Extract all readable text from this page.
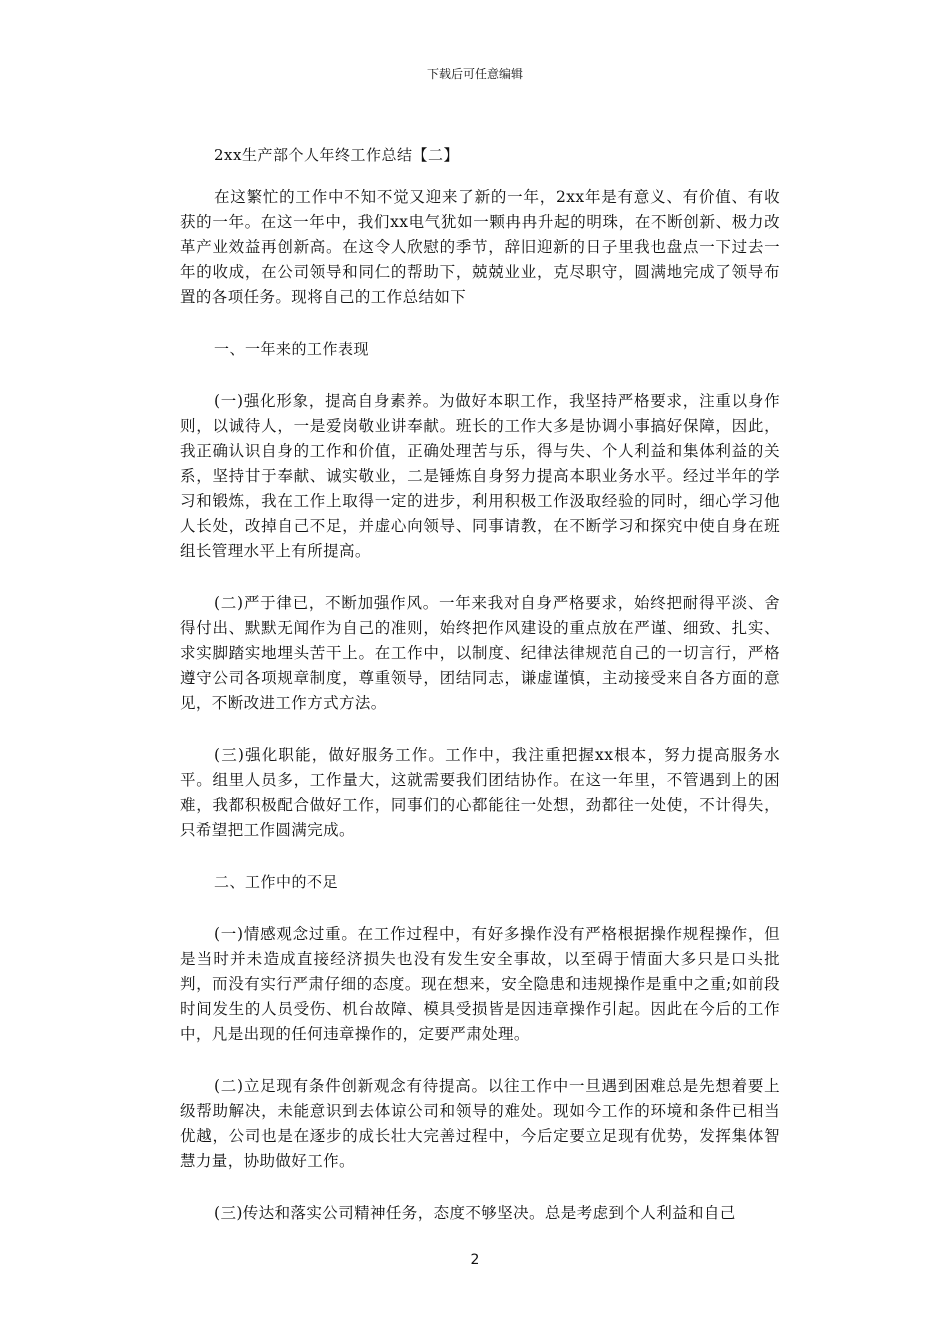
下载后可任意编辑

2xx生产部个人年终工作总结【二】

在这繁忙的工作中不知不觉又迎来了新的一年，2xx年是有意义、有价值、有收获的一年。在这一年中，我们xx电气犹如一颗冉冉升起的明珠，在不断创新、极力改革产业效益再创新高。在这令人欣慰的季节，辞旧迎新的日子里我也盘点一下过去一年的收成，在公司领导和同仁的帮助下，兢兢业业，克尽职守，圆满地完成了领导布置的各项任务。现将自己的工作总结如下

一、一年来的工作表现

(一)强化形象，提高自身素养。为做好本职工作，我坚持严格要求，注重以身作则，以诚待人，一是爱岗敬业讲奉献。班长的工作大多是协调小事搞好保障，因此，我正确认识自身的工作和价值，正确处理苦与乐，得与失、个人利益和集体利益的关系，坚持甘于奉献、诚实敬业，二是锤炼自身努力提高本职业务水平。经过半年的学习和锻炼，我在工作上取得一定的进步，利用积极工作汲取经验的同时，细心学习他人长处，改掉自己不足，并虚心向领导、同事请教，在不断学习和探究中使自身在班组长管理水平上有所提高。

(二)严于律已，不断加强作风。一年来我对自身严格要求，始终把耐得平淡、舍得付出、默默无闻作为自己的准则，始终把作风建设的重点放在严谨、细致、扎实、求实脚踏实地埋头苦干上。在工作中，以制度、纪律法律规范自己的一切言行，严格遵守公司各项规章制度，尊重领导，团结同志，谦虚谨慎，主动接受来自各方面的意见，不断改进工作方式方法。

(三)强化职能，做好服务工作。工作中，我注重把握xx根本，努力提高服务水平。组里人员多，工作量大，这就需要我们团结协作。在这一年里，不管遇到上的困难，我都积极配合做好工作，同事们的心都能往一处想，劲都往一处使，不计得失，只希望把工作圆满完成。

二、工作中的不足

(一)情感观念过重。在工作过程中，有好多操作没有严格根据操作规程操作，但是当时并未造成直接经济损失也没有发生安全事故，以至碍于情面大多只是口头批判，而没有实行严肃仔细的态度。现在想来，安全隐患和违规操作是重中之重;如前段时间发生的人员受伤、机台故障、模具受损皆是因违章操作引起。因此在今后的工作中，凡是出现的任何违章操作的，定要严肃处理。

(二)立足现有条件创新观念有待提高。以往工作中一旦遇到困难总是先想着要上级帮助解决，未能意识到去体谅公司和领导的难处。现如今工作的环境和条件已相当优越，公司也是在逐步的成长壮大完善过程中，今后定要立足现有优势，发挥集体智慧力量，协助做好工作。

(三)传达和落实公司精神任务，态度不够坚决。总是考虑到个人利益和自己

2
